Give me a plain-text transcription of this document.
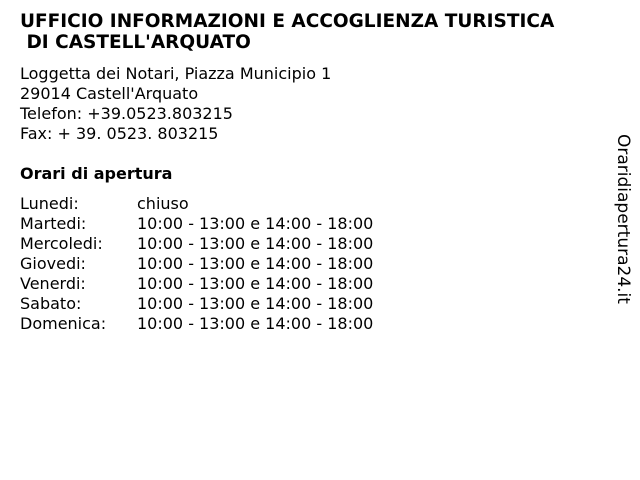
UFFICIO INFORMAZIONI E ACCOGLIENZA TURISTICA
DI CASTELL'ARQUATO
Loggetta dei Notari, Piazza Municipio 1
29014 Castell'Arquato
Telefon: +39.0523.803215
Fax: + 39. 0523. 803215
Orari di apertura
Lunedi:	chiuso
Martedi:	10:00 - 13:00 e 14:00 - 18:00
Mercoledi:	10:00 - 13:00 e 14:00 - 18:00
Giovedi:	10:00 - 13:00 e 14:00 - 18:00
Venerdi:	10:00 - 13:00 e 14:00 - 18:00
Sabato:	10:00 - 13:00 e 14:00 - 18:00
Domenica:	10:00 - 13:00 e 14:00 - 18:00
Oraridiapertura24.it
